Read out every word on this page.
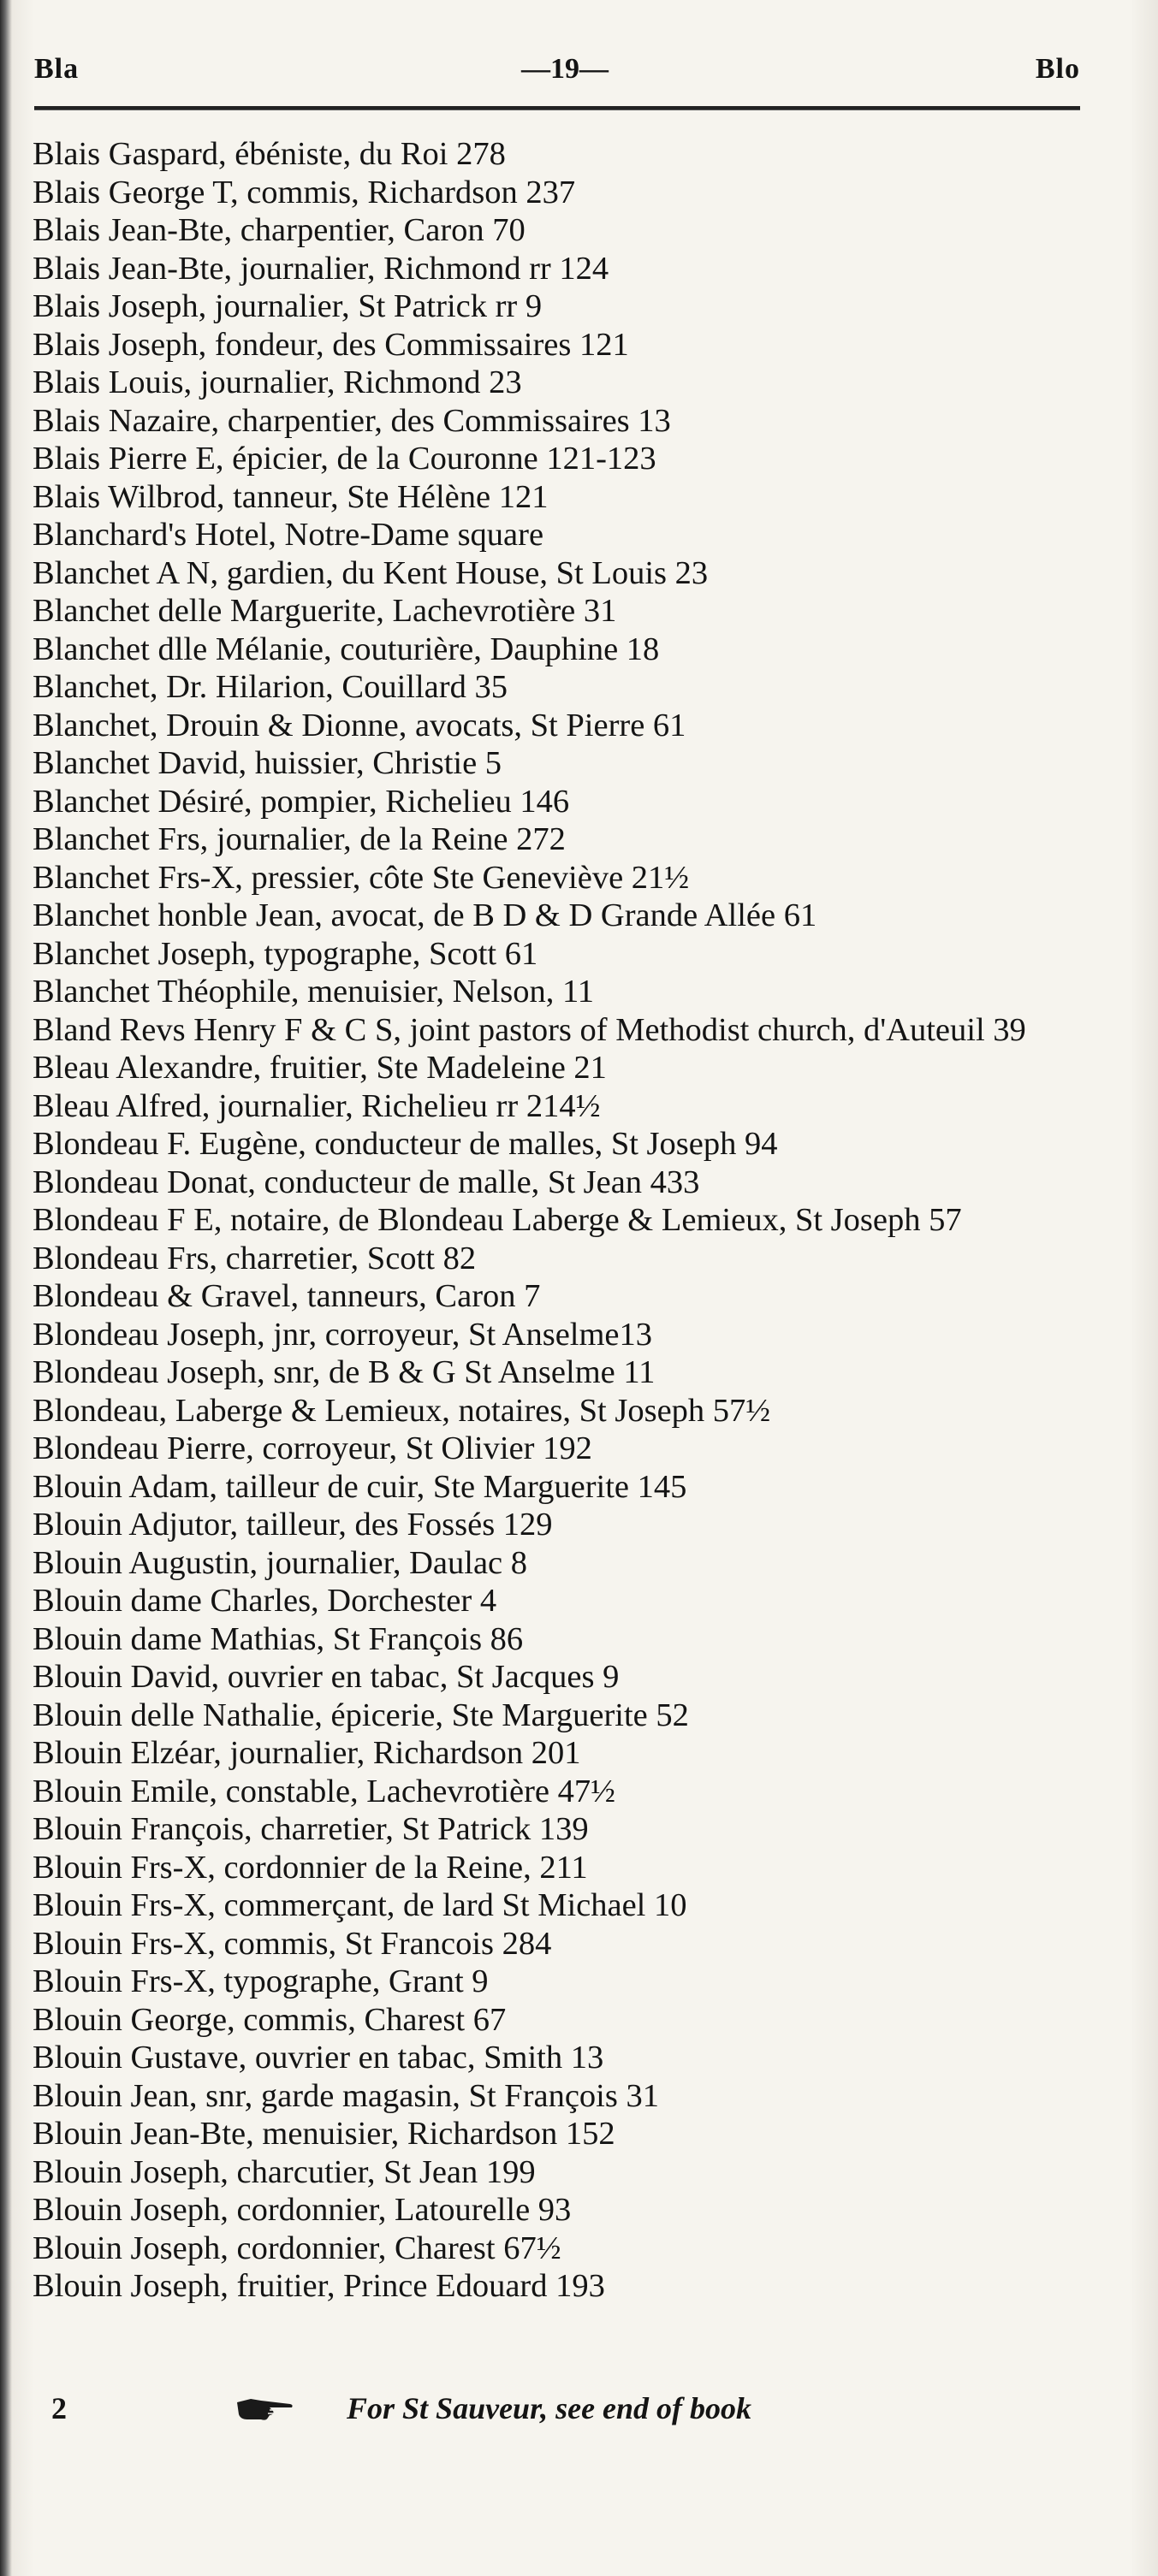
Bla	—19—	Blo
Blais Gaspard, ébéniste, du Roi 278
Blais George T, commis, Richardson 237
Blais Jean-Bte, charpentier, Caron 70
Blais Jean-Bte, journalier, Richmond rr 124
Blais Joseph, journalier, St Patrick rr 9
Blais Joseph, fondeur, des Commissaires 121
Blais Louis, journalier, Richmond 23
Blais Nazaire, charpentier, des Commissaires 13
Blais Pierre E, épicier, de la Couronne 121-123
Blais Wilbrod, tanneur, Ste Hélène 121
Blanchard's Hotel, Notre-Dame square
Blanchet A N, gardien, du Kent House, St Louis 23
Blanchet delle Marguerite, Lachevrotière 31
Blanchet dlle Mélanie, couturière, Dauphine 18
Blanchet, Dr. Hilarion, Couillard 35
Blanchet, Drouin & Dionne, avocats, St Pierre 61
Blanchet David, huissier, Christie 5
Blanchet Désiré, pompier, Richelieu 146
Blanchet Frs, journalier, de la Reine 272
Blanchet Frs-X, pressier, côte Ste Geneviève 21½
Blanchet honble Jean, avocat, de B D & D Grande Allée 61
Blanchet Joseph, typographe, Scott 61
Blanchet Théophile, menuisier, Nelson, 11
Bland Revs Henry F & C S, joint pastors of Methodist church, d'Auteuil 39
Bleau Alexandre, fruitier, Ste Madeleine 21
Bleau Alfred, journalier, Richelieu rr 214½
Blondeau F. Eugène, conducteur de malles, St Joseph 94
Blondeau Donat, conducteur de malle, St Jean 433
Blondeau F E, notaire, de Blondeau Laberge & Lemieux, St Joseph 57
Blondeau Frs, charretier, Scott 82
Blondeau & Gravel, tanneurs, Caron 7
Blondeau Joseph, jnr, corroyeur, St Anselme13
Blondeau Joseph, snr, de B & G St Anselme 11
Blondeau, Laberge & Lemieux, notaires, St Joseph 57½
Blondeau Pierre, corroyeur, St Olivier 192
Blouin Adam, tailleur de cuir, Ste Marguerite 145
Blouin Adjutor, tailleur, des Fossés 129
Blouin Augustin, journalier, Daulac 8
Blouin dame Charles, Dorchester 4
Blouin dame Mathias, St François 86
Blouin David, ouvrier en tabac, St Jacques 9
Blouin delle Nathalie, épicerie, Ste Marguerite 52
Blouin Elzéar, journalier, Richardson 201
Blouin Emile, constable, Lachevrotière 47½
Blouin François, charretier, St Patrick 139
Blouin Frs-X, cordonnier de la Reine, 211
Blouin Frs-X, commerçant, de lard St Michael 10
Blouin Frs-X, commis, St Francois 284
Blouin Frs-X, typographe, Grant 9
Blouin George, commis, Charest 67
Blouin Gustave, ouvrier en tabac, Smith 13
Blouin Jean, snr, garde magasin, St François 31
Blouin Jean-Bte, menuisier, Richardson 152
Blouin Joseph, charcutier, St Jean 199
Blouin Joseph, cordonnier, Latourelle 93
Blouin Joseph, cordonnier, Charest 67½
Blouin Joseph, fruitier, Prince Edouard 193
2	For St Sauveur, see end of book
